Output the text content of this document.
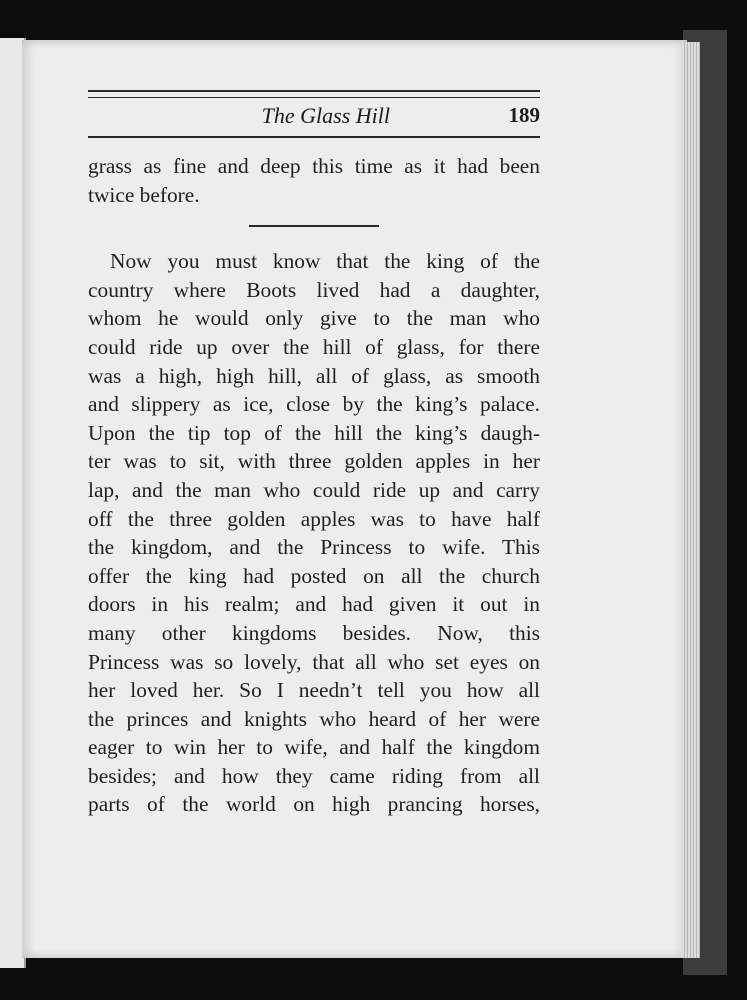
The Glass Hill	189
grass as fine and deep this time as it had been
twice before.
Now you must know that the king of the
country where Boots lived had a daughter,
whom he would only give to the man who
could ride up over the hill of glass, for there
was a high, high hill, all of glass, as smooth
and slippery as ice, close by the king’s palace.
Upon the tip top of the hill the king’s daugh-
ter was to sit, with three golden apples in her
lap, and the man who could ride up and carry
off the three golden apples was to have half
the kingdom, and the Princess to wife. This
offer the king had posted on all the church
doors in his realm; and had given it out in
many other kingdoms besides. Now, this
Princess was so lovely, that all who set eyes on
her loved her. So I needn’t tell you how all
the princes and knights who heard of her were
eager to win her to wife, and half the kingdom
besides; and how they came riding from all
parts of the world on high prancing horses,
